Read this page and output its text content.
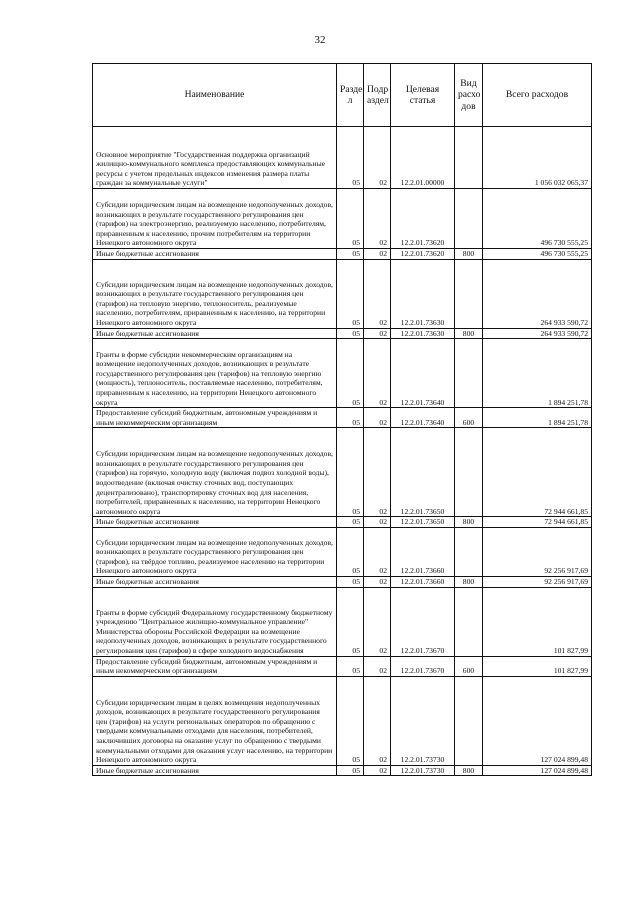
32
Наименование	Разде л	Подр аздел	Целевая статья	Вид расхо дов	Всего расходов
Основное мероприятие "Государственная поддержка организаций жилищно-коммунального комплекса предоставляющих коммунальные ресурсы с учетом предельных индексов изменения размера платы граждан за коммунальные услуги"	05	02	12.2.01.00000		1 056 032 065,37
Субсидии юридическим лицам на возмещение недополученных доходов, возникающих в результате государственного регулирования цен (тарифов) на электроэнергию, реализуемую населению, потребителям, приравненным к населению, прочим потребителям на территории Ненецкого автономного округа	05	02	12.2.01.73620		496 730 555,25
Иные бюджетные ассигнования	05	02	12.2.01.73620	800	496 730 555,25
Субсидии юридическим лицам на возмещение недополученных доходов, возникающих в результате государственного регулирования цен (тарифов) на тепловую энергию, теплоноситель, реализуемые населению, потребителям, приравненным к населению, на территории Ненецкого автономного округа	05	02	12.2.01.73630		264 933 590,72
Иные бюджетные ассигнования	05	02	12.2.01.73630	800	264 933 590,72
Гранты в форме субсидии некоммерческим организациям на возмещение недополученных доходов, возникающих в результате государственного регулирования цен (тарифов) на тепловую энергию (мощность), теплоноситель, поставляемые населению, потребителям, приравненным к населению, на территории Ненецкого автономного округа	05	02	12.2.01.73640		1 894 251,78
Предоставление субсидий бюджетным, автономным учреждениям и иным некоммерческим организациям	05	02	12.2.01.73640	600	1 894 251,78
Субсидии юридическим лицам на возмещение недополученных доходов, возникающих в результате государственного регулирования цен (тарифов) на горячую, холодную воду (включая подвоз холодной воды), водоотведение (включая очистку сточных вод, поступающих децентрализовано), транспортировку сточных вод для населения, потребителей, приравненных к населению, на территории Ненецкого автономного округа	05	02	12.2.01.73650		72 944 661,85
Иные бюджетные ассигнования	05	02	12.2.01.73650	800	72 944 661,85
Субсидии юридическим лицам на возмещение недополученных доходов, возникающих в результате государственного регулирования цен (тарифов), на твёрдое топливо, реализуемое населению на территории Ненецкого автономного округа	05	02	12.2.01.73660		92 256 917,69
Иные бюджетные ассигнования	05	02	12.2.01.73660	800	92 256 917,69
Гранты в форме субсидий Федеральному государственному бюджетному учреждению "Центральное жилищно-коммунальное управление" Министерства обороны Российской Федерации на возмещение недополученных доходов, возникающих в результате государственного регулирования цен (тарифов) в сфере холодного водоснабжения	05	02	12.2.01.73670		101 827,99
Предоставление субсидий бюджетным, автономным учреждениям и иным некоммерческим организациям	05	02	12.2.01.73670	600	101 827,99
Субсидии юридическим лицам в целях возмещения недополученных доходов, возникающих в результате государственного регулирования цен (тарифов) на услуги региональных операторов по обращению с твердыми коммунальными отходами для населения, потребителей, заключивших договоры на оказание услуг по обращению с твердыми коммунальными отходами для оказания услуг населению, на территории Ненецкого автономного округа	05	02	12.2.01.73730		127 024 899,48
Иные бюджетные ассигнования	05	02	12.2.01.73730	800	127 024 899,48
